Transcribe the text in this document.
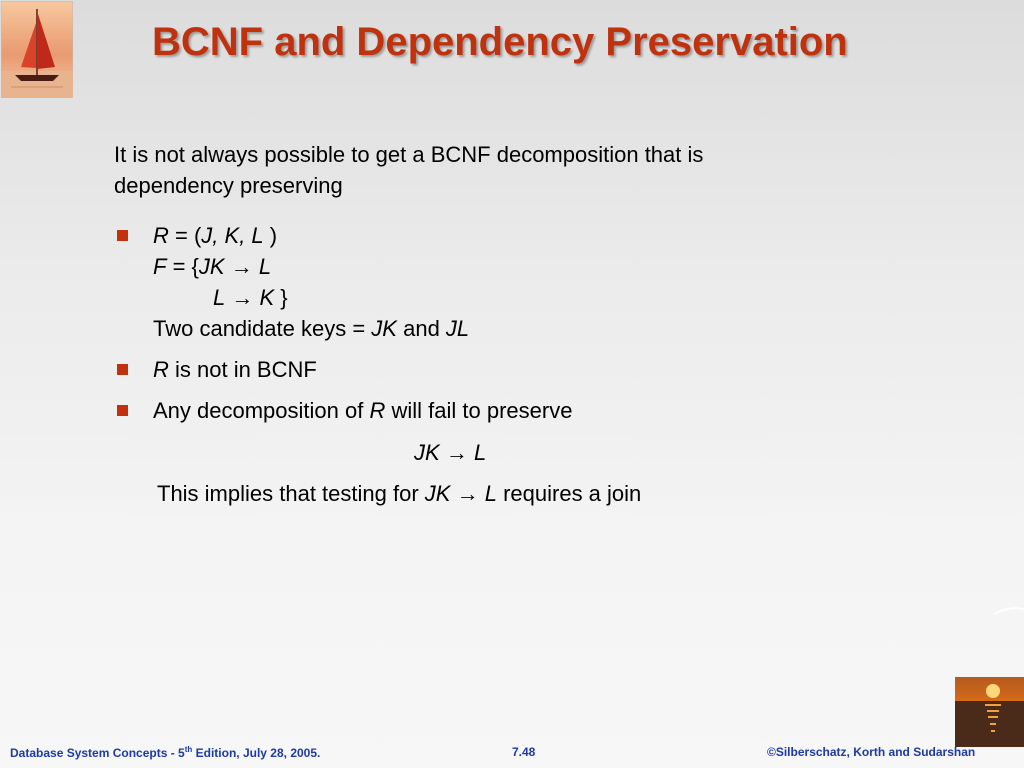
BCNF and Dependency Preservation
It is not always possible to get a BCNF decomposition that is
dependency preserving
R = (J, K, L )
F = {JK → L
L → K }
Two candidate keys = JK and JL
R is not in BCNF
Any decomposition of R will fail to preserve
JK → L
This implies that testing for JK → L requires a join
Database System Concepts - 5th Edition, July 28, 2005.	7.48	©Silberschatz, Korth and Sudarshan
